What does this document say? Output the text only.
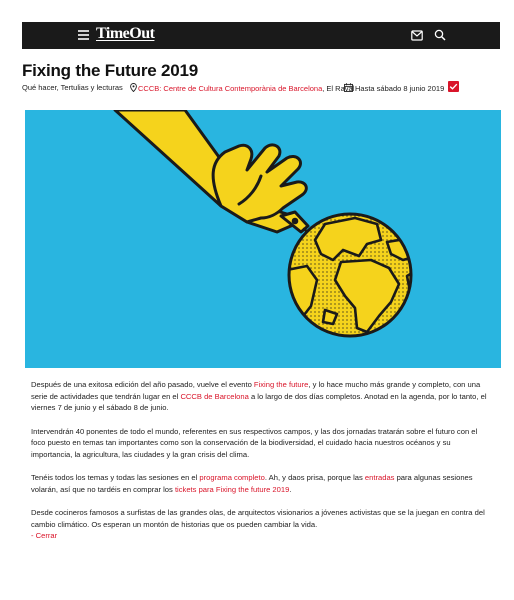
TimeOut
Fixing the Future 2019
Qué hacer, Tertulias y lecturas	CCCB: Centre de Cultura Contemporània de Barcelona, El Raval Hasta sábado 8 junio 2019

Después de una exitosa edición del año pasado, vuelve el evento Fixing the future, y lo hace mucho más grande y completo, con una serie de actividades que tendrán lugar en el CCCB de Barcelona a lo largo de dos días completos. Anotad en la agenda, por lo tanto, el viernes 7 de junio y el sábado 8 de junio.

Intervendrán 40 ponentes de todo el mundo, referentes en sus respectivos campos, y las dos jornadas tratarán sobre el futuro con el foco puesto en temas tan importantes como son la conservación de la biodiversidad, el cuidado hacia nuestros océanos y su importancia, la agricultura, las ciudades y la gran crisis del clima.

Tenéis todos los temas y todas las sesiones en el programa completo. Ah, y daos prisa, porque las entradas para algunas sesiones volarán, así que no tardéis en comprar los tickets para Fixing the future 2019.

Desde cocineros famosos a surfistas de las grandes olas, de arquitectos visionarios a jóvenes activistas que se la juegan en contra del cambio climático. Os esperan un montón de historias que os pueden cambiar la vida.

- Cerrar
